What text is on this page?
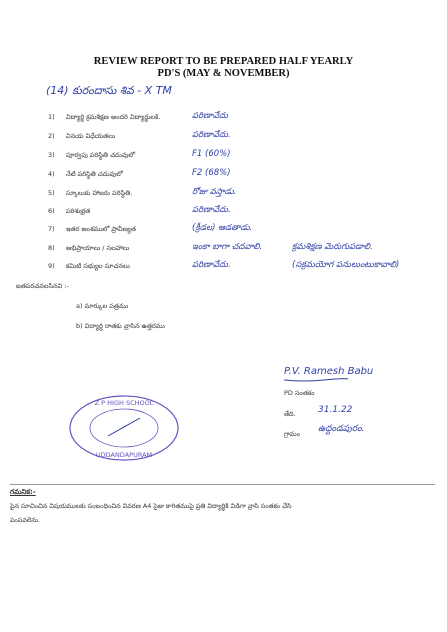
REVIEW REPORT TO BE PREPARED HALF YEARLY
PD'S (MAY & NOVEMBER)
(14) కురందాసు శివ - X TM
1) విద్యార్థి క్రమశిక్షణ అందరి విద్యార్థులకి.	పరిణావేదు
2) వినయ విధేయతలు	పరిణావేదు.
3) పూర్వపు పరిస్థితి చదువులో	F1 (60%)
4) నేటి పరిస్థితి చదువులో	F2 (68%)
5) స్కూలుకు హాజరు పరిస్థితి.	రోజు వస్తాడు.
6) పరిశుభ్రత	పరిణావేదు.
7) ఇతర అంశములో ప్రావీణ్యత	(క్రీడల) ఆడతాడు.
8) అభిప్రాయాలు / సలహాలు	ఇంకా బాగా చదవాలి.	క్రమశిక్షణ మెరుగుపడాలి.
9) కమిటి సభ్యుల సూచనలు	పరిణావేదు.	(సక్రమయోగ పనులుంటుకావాలి)
జతపరచవలసినవి :-
a) మార్కుల పత్రము
b) విద్యార్థి రాతకు వ్రాసిన ఉత్తరము
P.V. Ramesh Babu
PD సంతకం
తేది. 31.1.22
గ్రామం ఉద్దండపురం.
Z P HIGH SCHOOL
UDDANDAPURAM
గమనిక:-
పైన సూచించిన విషయములకు సంబంధించిన వివరణ A4 సైజు కాగితముపై ప్రతి విద్యార్థికి విడిగా వ్రాసి సంతకం చేసి
పంపవలెను.
